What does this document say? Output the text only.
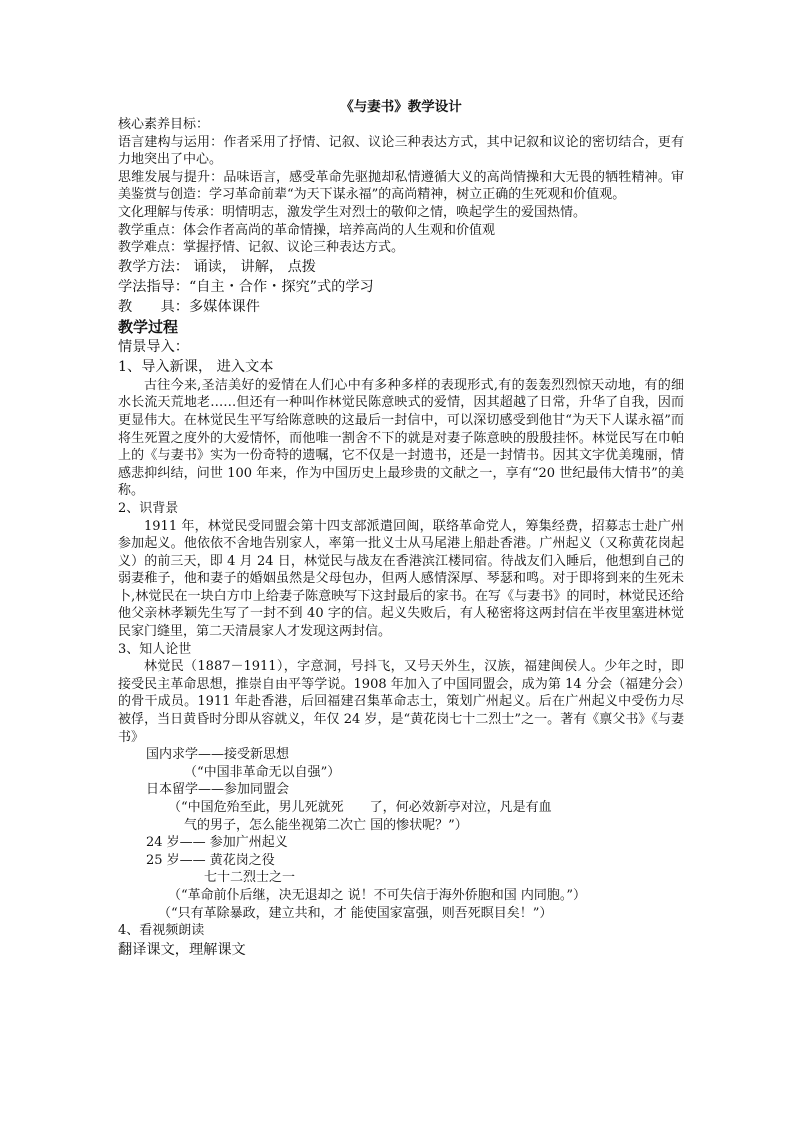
《与妻书》教学设计

核心素养目标：

语言建构与运用：作者采用了抒情、记叙、议论三种表达方式，其中记叙和议论的密切结合，更有力地突出了中心。

思维发展与提升：品味语言，感受革命先驱抛却私情遵循大义的高尚情操和大无畏的牺牲精神。审美鉴赏与创造：学习革命前辈“为天下谋永福”的高尚精神，树立正确的生死观和价值观。

文化理解与传承：明情明志，激发学生对烈士的敬仰之情，唤起学生的爱国热情。

教学重点：体会作者高尚的革命情操，培养高尚的人生观和价值观

教学难点：掌握抒情、记叙、议论三种表达方式。

教学方法： 诵读， 讲解， 点拨

学法指导：“自主・合作・探究”式的学习

教　　具：多媒体课件

教学过程

情景导入：

1、导入新课， 进入文本

古往今来,圣洁美好的爱情在人们心中有多种多样的表现形式,有的轰轰烈烈惊天动地，有的细水长流天荒地老……但还有一种叫作林觉民陈意映式的爱情，因其超越了日常，升华了自我，因而更显伟大。在林觉民生平写给陈意映的这最后一封信中，可以深切感受到他甘“为天下人谋永福”而将生死置之度外的大爱情怀，而他唯一割舍不下的就是对妻子陈意映的殷殷挂怀。林觉民写在巾帕上的《与妻书》实为一份奇特的遗嘱，它不仅是一封遗书，还是一封情书。因其文字优美瑰丽，情感悲抑纠结，问世 100 年来，作为中国历史上最珍贵的文献之一，享有“20 世纪最伟大情书”的美称。

2、识背景

1911 年，林觉民受同盟会第十四支部派遣回闽，联络革命党人，筹集经费，招募志士赴广州参加起义。他依依不舍地告别家人，率第一批义士从马尾港上船赴香港。广州起义（又称黄花岗起义）的前三天，即 4 月 24 日，林觉民与战友在香港滨江楼同宿。待战友们入睡后，他想到自己的弱妻稚子，他和妻子的婚姻虽然是父母包办，但两人感情深厚、琴瑟和鸣。对于即将到来的生死未卜,林觉民在一块白方巾上给妻子陈意映写下这封最后的家书。在写《与妻书》的同时，林觉民还给他父亲林孝颖先生写了一封不到 40 字的信。起义失败后，有人秘密将这两封信在半夜里塞进林觉民家门缝里，第二天清晨家人才发现这两封信。

3、知人论世

林觉民（1887－1911），字意洞，号抖飞，又号天外生，汉族，福建闽侯人。少年之时，即接受民主革命思想，推崇自由平等学说。1908 年加入了中国同盟会，成为第 14 分会（福建分会）的骨干成员。1911 年赴香港，后回福建召集革命志士，策划广州起义。后在广州起义中受伤力尽被俘，当日黄昏时分即从容就义，年仅 24 岁，是“黄花岗七十二烈士”之一。著有《禀父书》《与妻书》

国内求学——接受新思想

（“中国非革命无以自强”）

日本留学——参加同盟会

（“中国危殆至此，男儿死就死　　了，何必效新亭对泣，凡是有血

气的男子，怎么能坐视第二次亡 国的惨状呢？”）

24 岁—— 参加广州起义

25 岁—— 黄花岗之役

七十二烈士之一

（“革命前仆后继，决无退却之 说！不可失信于海外侨胞和国 内同胞。”）

（“只有革除暴政，建立共和，才 能使国家富强，则吾死瞑目矣！”）

4、看视频朗读

翻译课文，理解课文
